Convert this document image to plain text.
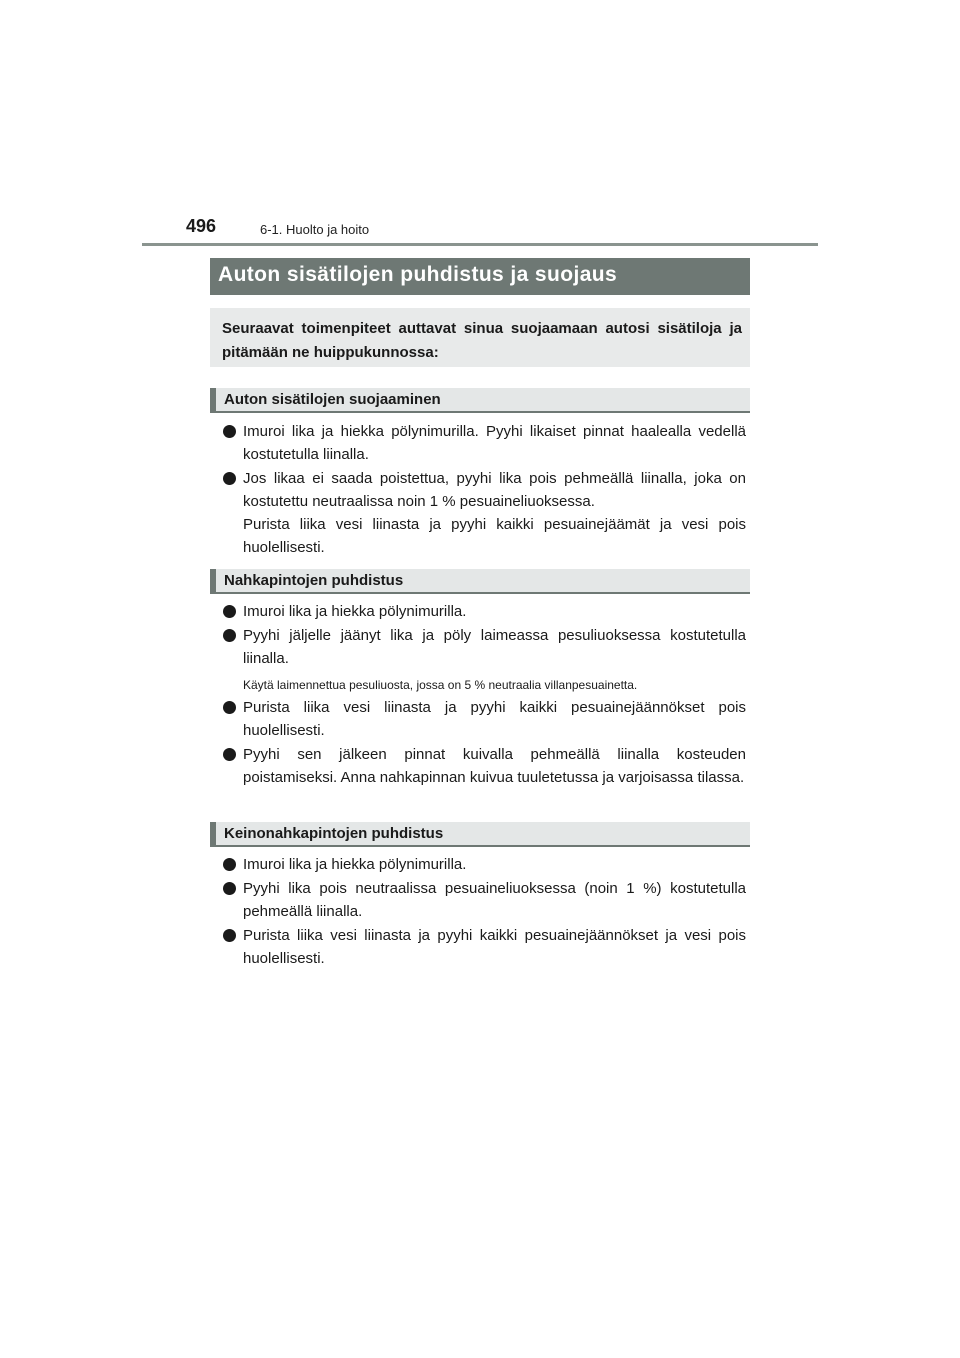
496	6-1. Huolto ja hoito
Auton sisätilojen puhdistus ja suojaus
Seuraavat toimenpiteet auttavat sinua suojaamaan autosi sisätiloja ja pitämään ne huippukunnossa:
Auton sisätilojen suojaaminen
Imuroi lika ja hiekka pölynimurilla. Pyyhi likaiset pinnat haalealla vedellä kostutetulla liinalla.
Jos likaa ei saada poistettua, pyyhi lika pois pehmeällä liinalla, joka on kostutettu neutraalissa noin 1 % pesuaineliuoksessa.
Purista liika vesi liinasta ja pyyhi kaikki pesuainejäämät ja vesi pois huolellisesti.
Nahkapintojen puhdistus
Imuroi lika ja hiekka pölynimurilla.
Pyyhi jäljelle jäänyt lika ja pöly laimeassa pesuliuoksessa kostutetulla liinalla.
Käytä laimennettua pesuliuosta, jossa on 5 % neutraalia villanpesuainetta.
Purista liika vesi liinasta ja pyyhi kaikki pesuainejäännökset pois huolellisesti.
Pyyhi sen jälkeen pinnat kuivalla pehmeällä liinalla kosteuden poistamiseksi. Anna nahkapinnan kuivua tuuletetussa ja varjoisassa tilassa.
Keinonahkapintojen puhdistus
Imuroi lika ja hiekka pölynimurilla.
Pyyhi lika pois neutraalissa pesuaineliuoksessa (noin 1 %) kostutetulla pehmeällä liinalla.
Purista liika vesi liinasta ja pyyhi kaikki pesuainejäännökset ja vesi pois huolellisesti.
